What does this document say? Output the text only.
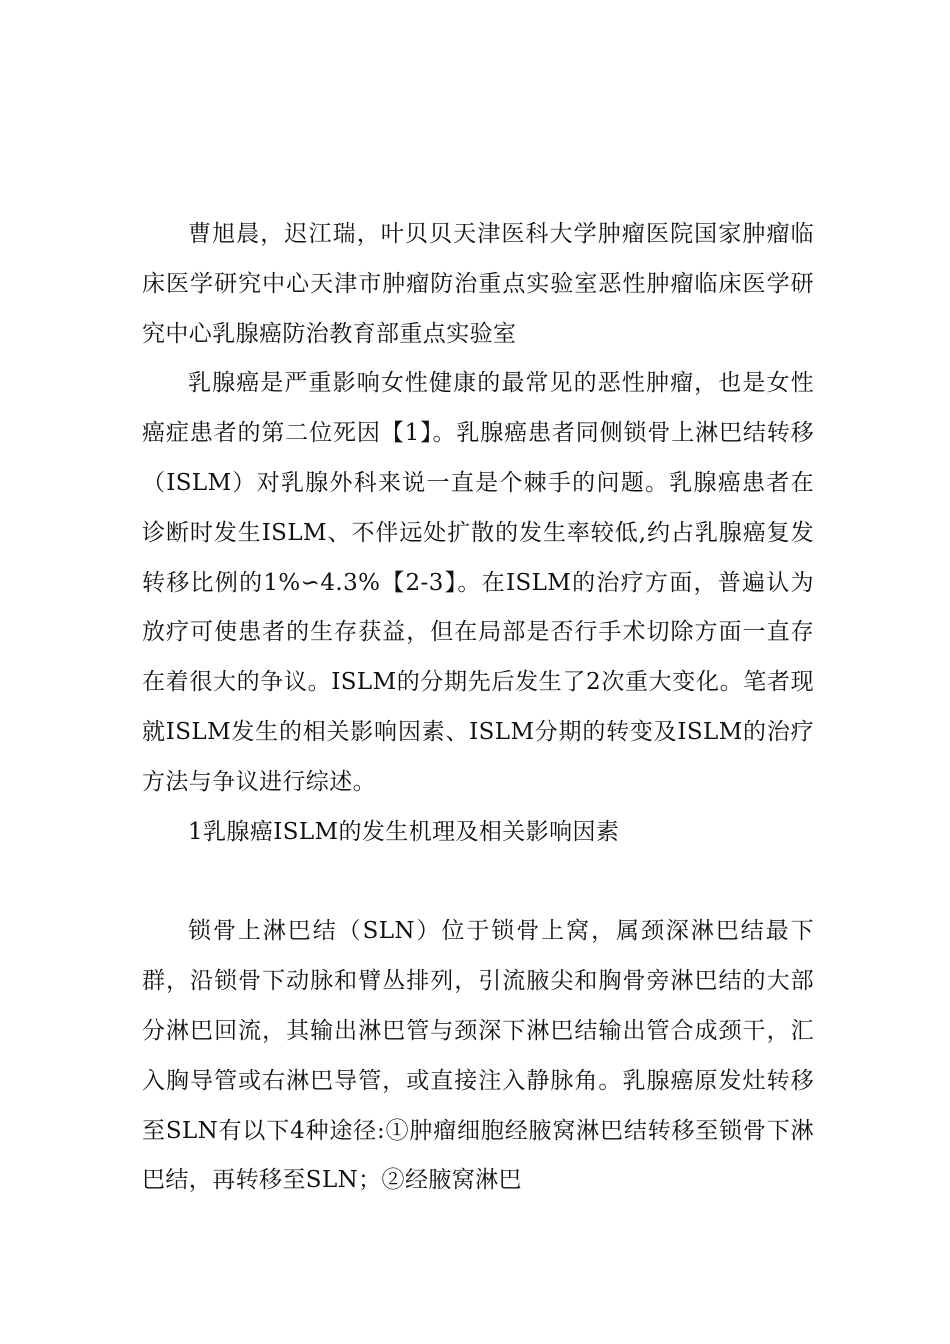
曹旭晨，迟江瑞，叶贝贝天津医科大学肿瘤医院国家肿瘤临床医学研究中心天津市肿瘤防治重点实验室恶性肿瘤临床医学研究中心乳腺癌防治教育部重点实验室

乳腺癌是严重影响女性健康的最常见的恶性肿瘤，也是女性癌症患者的第二位死因【1】。乳腺癌患者同侧锁骨上淋巴结转移（ISLM）对乳腺外科来说一直是个棘手的问题。乳腺癌患者在诊断时发生ISLM、不伴远处扩散的发生率较低,约占乳腺癌复发转移比例的1%∽4.3%【2-3】。在ISLM的治疗方面，普遍认为放疗可使患者的生存获益，但在局部是否行手术切除方面一直存在着很大的争议。ISLM的分期先后发生了2次重大变化。笔者现就ISLM发生的相关影响因素、ISLM分期的转变及ISLM的治疗方法与争议进行综述。

1乳腺癌ISLM的发生机理及相关影响因素

锁骨上淋巴结（SLN）位于锁骨上窝，属颈深淋巴结最下群，沿锁骨下动脉和臂丛排列，引流腋尖和胸骨旁淋巴结的大部分淋巴回流，其输出淋巴管与颈深下淋巴结输出管合成颈干，汇入胸导管或右淋巴导管，或直接注入静脉角。乳腺癌原发灶转移至SLN有以下4种途径:①肿瘤细胞经腋窝淋巴结转移至锁骨下淋巴结，再转移至SLN；②经腋窝淋巴
